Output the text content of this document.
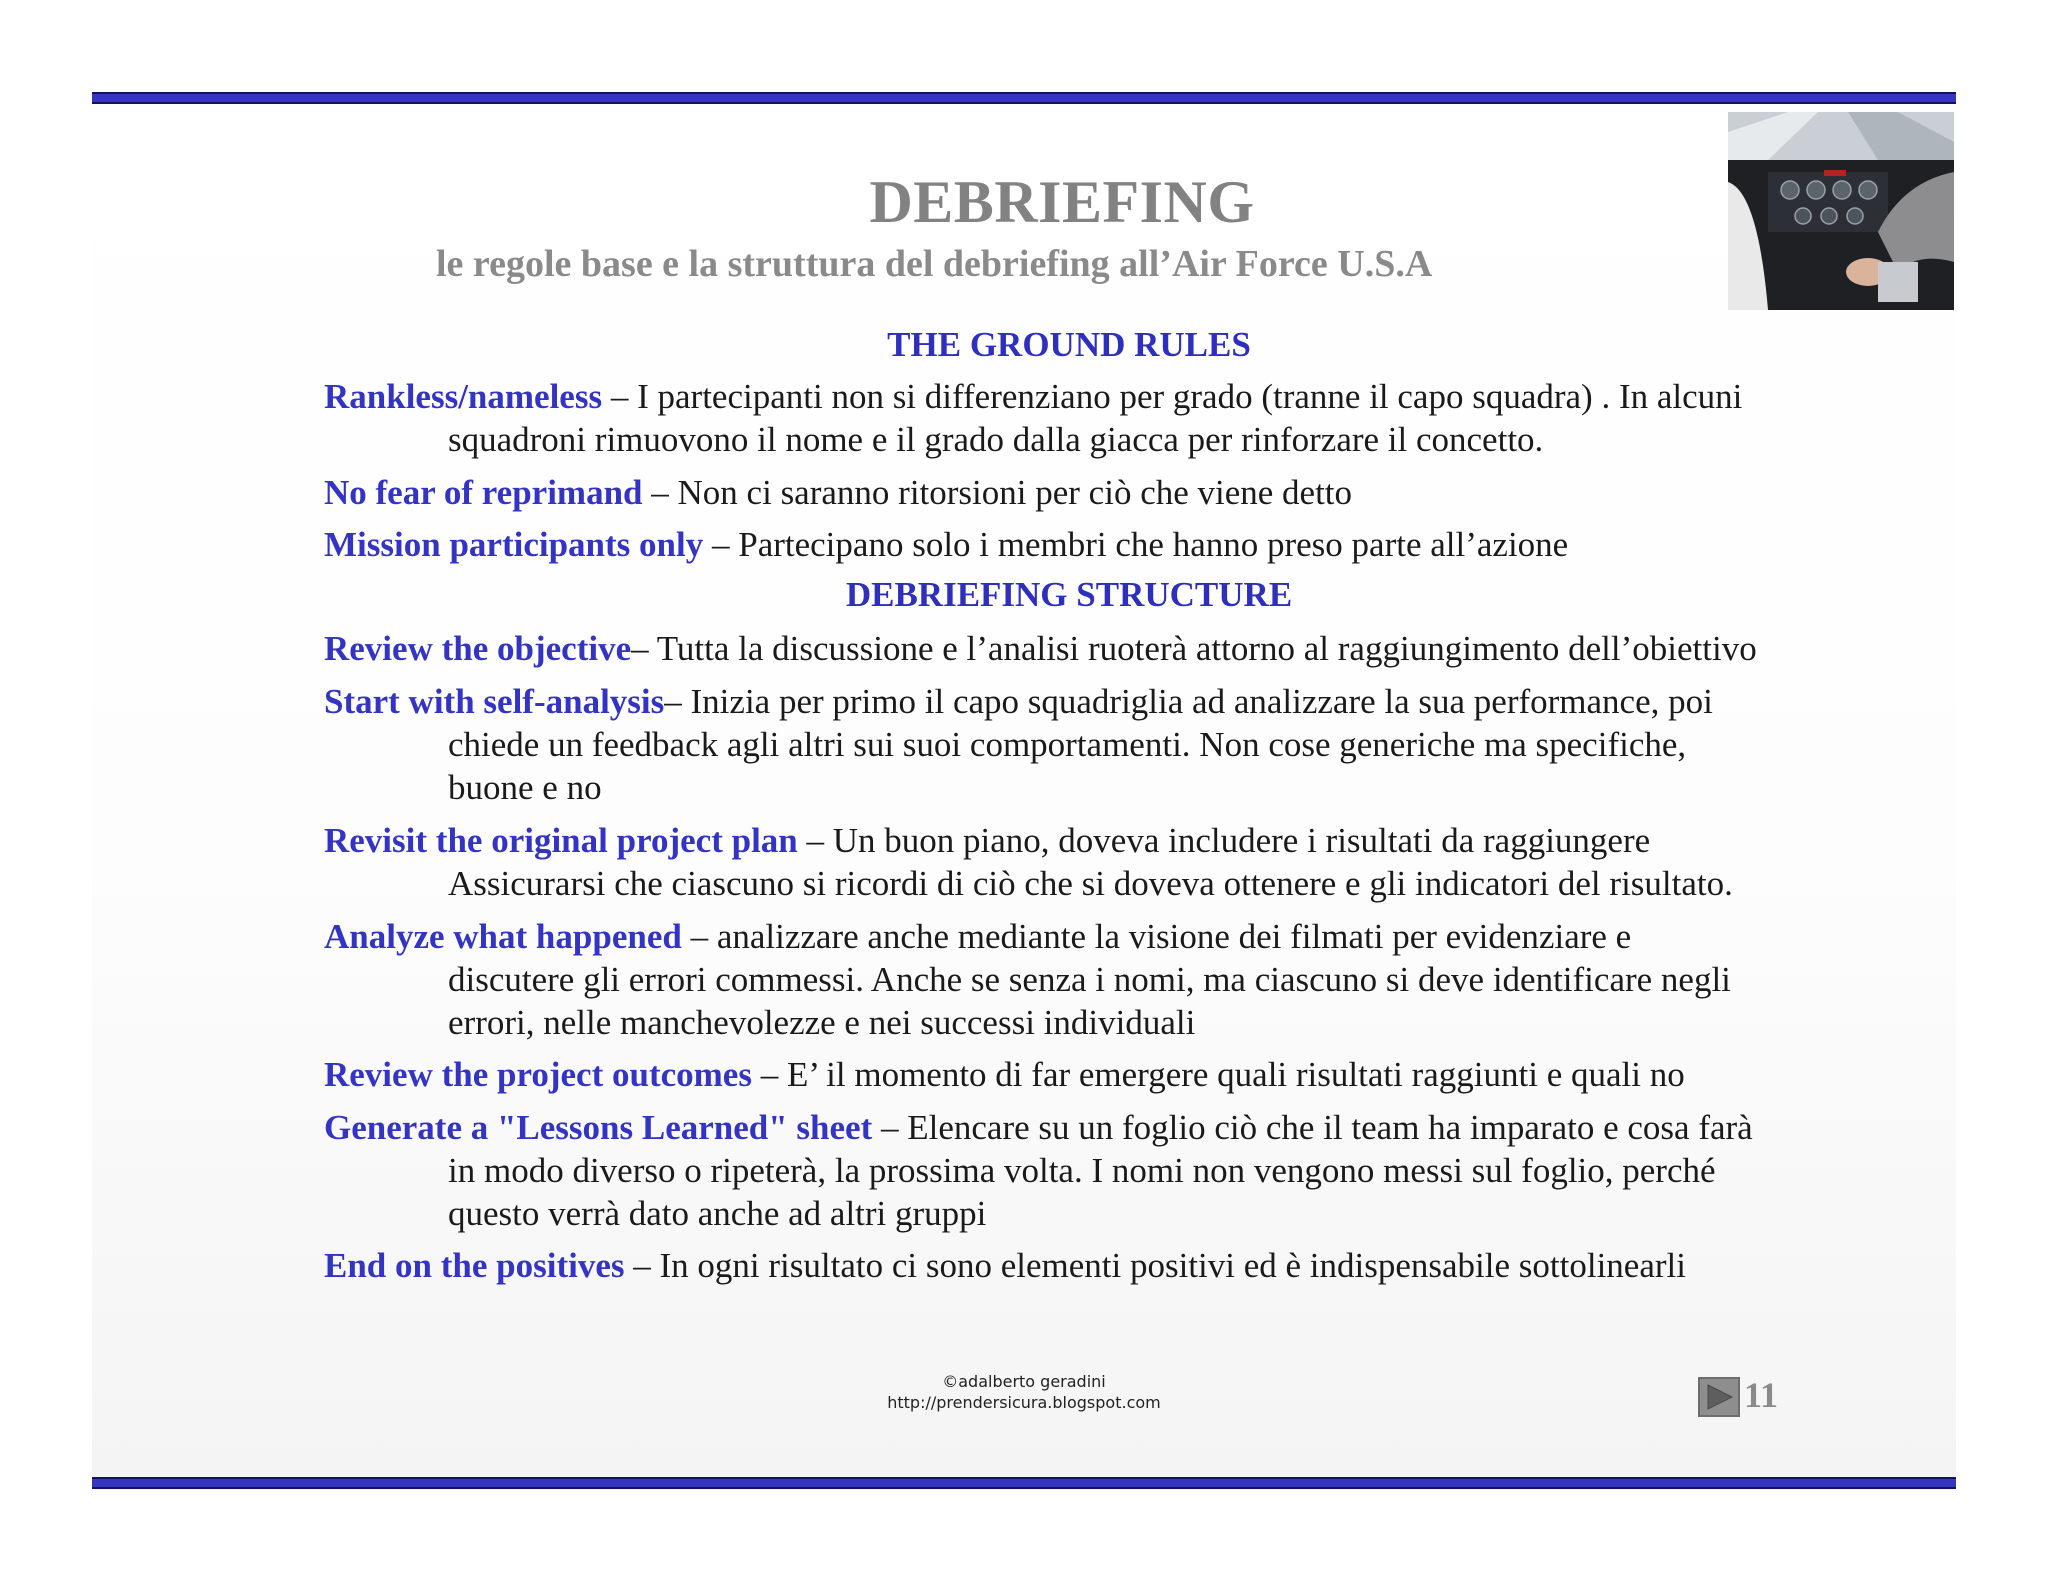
DEBRIEFING
le regole base e la struttura del debriefing all’Air Force U.S.A
THE GROUND RULES
Rankless/nameless – I partecipanti non si differenziano per grado (tranne il capo squadra) . In alcuni
squadroni rimuovono il nome e il grado dalla giacca per rinforzare il concetto.
No fear of reprimand – Non ci saranno ritorsioni per ciò che viene detto
Mission participants only – Partecipano solo i membri che hanno preso parte all’azione
DEBRIEFING STRUCTURE
Review the objective– Tutta la discussione e l’analisi ruoterà attorno al raggiungimento dell’obiettivo
Start with self-analysis– Inizia per primo il capo squadriglia ad analizzare la sua performance, poi
chiede un feedback agli altri sui suoi comportamenti. Non cose generiche ma specifiche,
buone e no
Revisit the original project plan – Un buon piano, doveva includere i risultati da raggiungere
Assicurarsi che ciascuno si ricordi di ciò che si doveva ottenere e gli indicatori del risultato.
Analyze what happened – analizzare anche mediante la visione dei filmati per evidenziare e
discutere gli errori commessi. Anche se senza i nomi, ma ciascuno si deve identificare negli
errori, nelle manchevolezze e nei successi individuali
Review the project outcomes – E’ il momento di far emergere quali risultati raggiunti e quali no
Generate a "Lessons Learned" sheet – Elencare su un foglio ciò che il team ha imparato e cosa farà
in modo diverso o ripeterà, la prossima volta. I nomi non vengono messi sul foglio, perché
questo verrà dato anche ad altri gruppi
End on the positives – In ogni risultato ci sono elementi positivi ed è indispensabile sottolinearli
©adalberto geradini
http://prendersicura.blogspot.com	11
